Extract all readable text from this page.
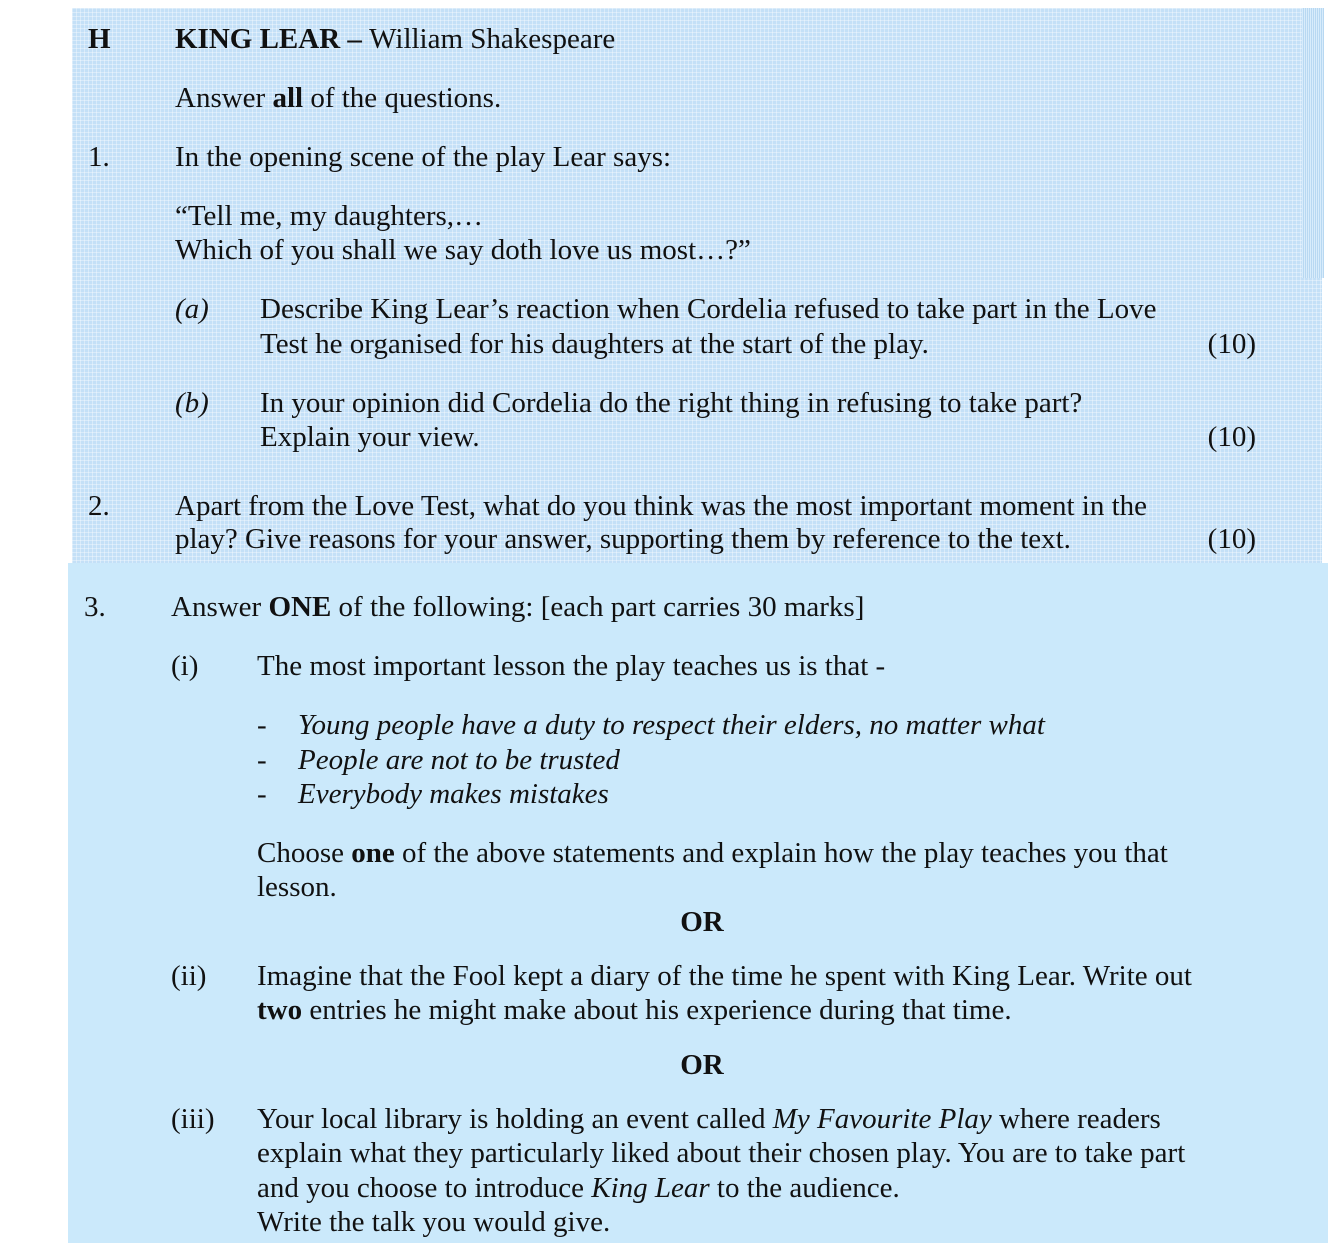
H KING LEAR – William Shakespeare
Answer all of the questions.
1. In the opening scene of the play Lear says:
“Tell me, my daughters,…
Which of you shall we say doth love us most…?”
(a) Describe King Lear’s reaction when Cordelia refused to take part in the Love
Test he organised for his daughters at the start of the play.	(10)
(b) In your opinion did Cordelia do the right thing in refusing to take part?
Explain your view.	(10)
2. Apart from the Love Test, what do you think was the most important moment in the
play? Give reasons for your answer, supporting them by reference to the text.	(10)
3. Answer ONE of the following: [each part carries 30 marks]
(i) The most important lesson the play teaches us is that -
- Young people have a duty to respect their elders, no matter what
- People are not to be trusted
- Everybody makes mistakes
Choose one of the above statements and explain how the play teaches you that
lesson.
OR
(ii) Imagine that the Fool kept a diary of the time he spent with King Lear. Write out
two entries he might make about his experience during that time.
OR
(iii) Your local library is holding an event called My Favourite Play where readers
explain what they particularly liked about their chosen play. You are to take part
and you choose to introduce King Lear to the audience.
Write the talk you would give.
